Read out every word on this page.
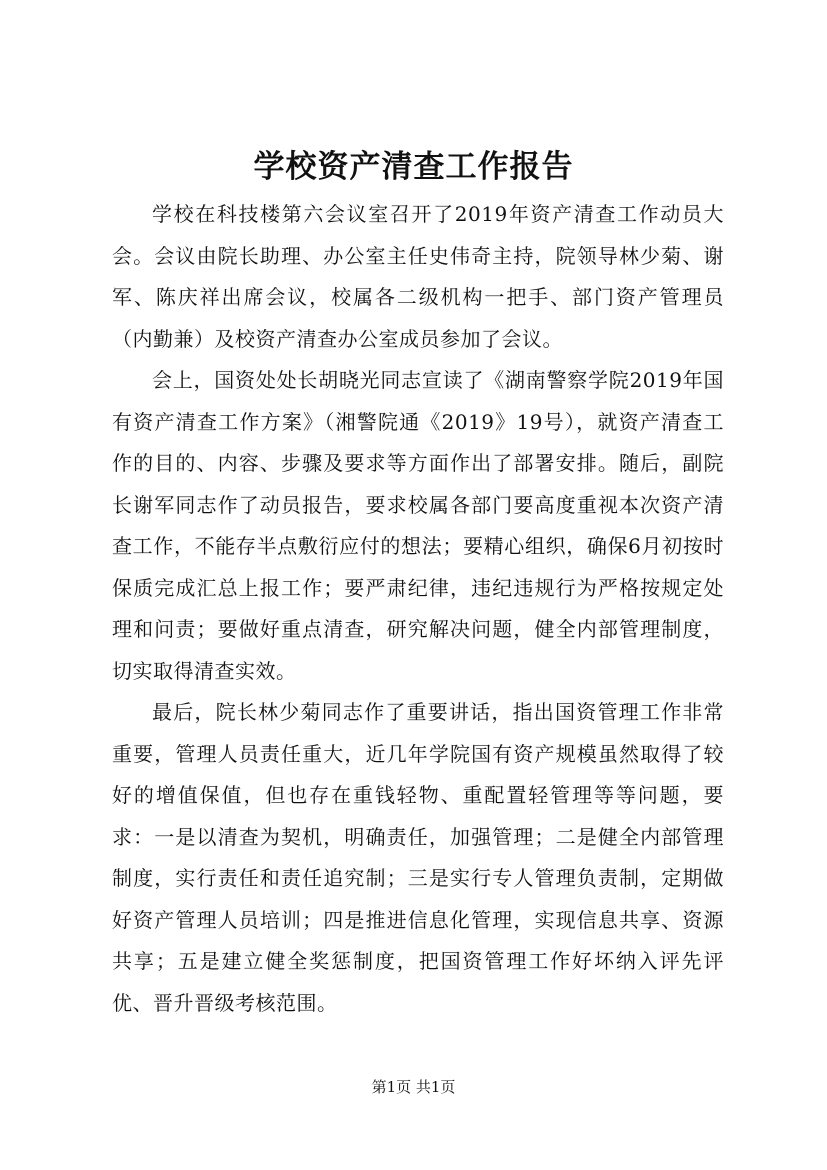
学校资产清查工作报告

学校在科技楼第六会议室召开了2019年资产清查工作动员大会。会议由院长助理、办公室主任史伟奇主持，院领导林少菊、谢军、陈庆祥出席会议，校属各二级机构一把手、部门资产管理员（内勤兼）及校资产清查办公室成员参加了会议。

会上，国资处处长胡晓光同志宣读了《湖南警察学院2019年国有资产清查工作方案》（湘警院通《2019》19号），就资产清查工作的目的、内容、步骤及要求等方面作出了部署安排。随后，副院长谢军同志作了动员报告，要求校属各部门要高度重视本次资产清查工作，不能存半点敷衍应付的想法；要精心组织，确保6月初按时保质完成汇总上报工作；要严肃纪律，违纪违规行为严格按规定处理和问责；要做好重点清查，研究解决问题，健全内部管理制度，切实取得清查实效。

最后，院长林少菊同志作了重要讲话，指出国资管理工作非常重要，管理人员责任重大，近几年学院国有资产规模虽然取得了较好的增值保值，但也存在重钱轻物、重配置轻管理等等问题，要求：一是以清查为契机，明确责任，加强管理；二是健全内部管理制度，实行责任和责任追究制；三是实行专人管理负责制，定期做好资产管理人员培训；四是推进信息化管理，实现信息共享、资源共享；五是建立健全奖惩制度，把国资管理工作好坏纳入评先评优、晋升晋级考核范围。

第1页 共1页
